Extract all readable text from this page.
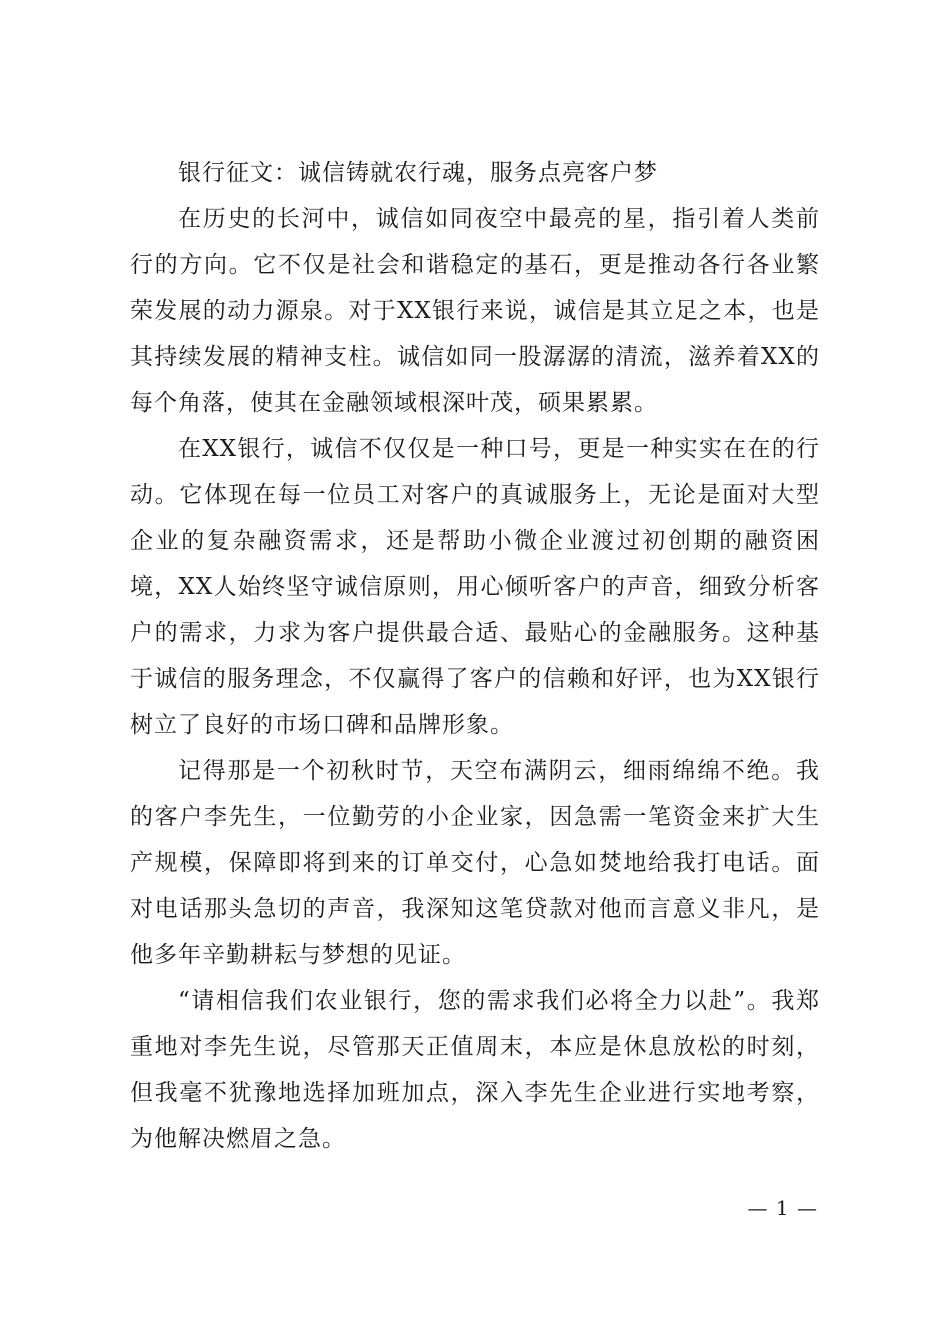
银行征文：诚信铸就农行魂，服务点亮客户梦

在历史的长河中，诚信如同夜空中最亮的星，指引着人类前行的方向。它不仅是社会和谐稳定的基石，更是推动各行各业繁荣发展的动力源泉。对于XX银行来说，诚信是其立足之本，也是其持续发展的精神支柱。诚信如同一股潺潺的清流，滋养着XX的每个角落，使其在金融领域根深叶茂，硕果累累。

在XX银行，诚信不仅仅是一种口号，更是一种实实在在的行动。它体现在每一位员工对客户的真诚服务上，无论是面对大型企业的复杂融资需求，还是帮助小微企业渡过初创期的融资困境，XX人始终坚守诚信原则，用心倾听客户的声音，细致分析客户的需求，力求为客户提供最合适、最贴心的金融服务。这种基于诚信的服务理念，不仅赢得了客户的信赖和好评，也为XX银行树立了良好的市场口碑和品牌形象。

记得那是一个初秋时节，天空布满阴云，细雨绵绵不绝。我的客户李先生，一位勤劳的小企业家，因急需一笔资金来扩大生产规模，保障即将到来的订单交付，心急如焚地给我打电话。面对电话那头急切的声音，我深知这笔贷款对他而言意义非凡，是他多年辛勤耕耘与梦想的见证。

“请相信我们农业银行，您的需求我们必将全力以赴”。我郑重地对李先生说，尽管那天正值周末，本应是休息放松的时刻，但我毫不犹豫地选择加班加点，深入李先生企业进行实地考察，为他解决燃眉之急。

— 1 —
